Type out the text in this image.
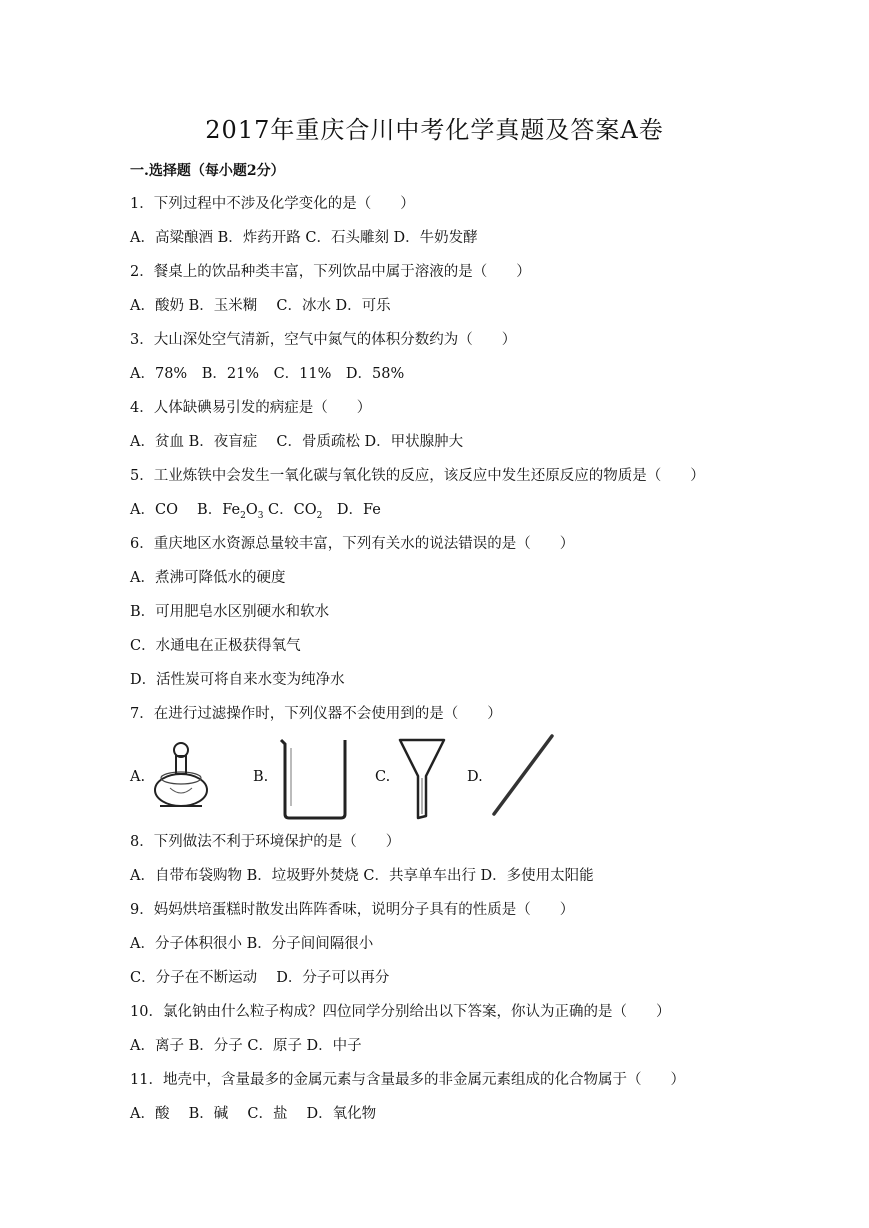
2017年重庆合川中考化学真题及答案A卷
一.选择题（每小题2分）
1．下列过程中不涉及化学变化的是（　　）
A．高粱酿酒 B．炸药开路 C．石头雕刻 D．牛奶发酵
2．餐桌上的饮品种类丰富，下列饮品中属于溶液的是（　　）
A．酸奶 B．玉米糊　 C．冰水 D．可乐
3．大山深处空气清新，空气中氮气的体积分数约为（　　）
A．78%　B．21%　C．11%　D．58%
4．人体缺碘易引发的病症是（　　）
A．贫血 B．夜盲症　 C．骨质疏松 D．甲状腺肿大
5．工业炼铁中会发生一氧化碳与氧化铁的反应，该反应中发生还原反应的物质是（　　）
A．CO　 B．$Fe_2O_3$ C．$CO_2$　D．Fe
6．重庆地区水资源总量较丰富，下列有关水的说法错误的是（　　）
A．煮沸可降低水的硬度
B．可用肥皂水区别硬水和软水
C．水通电在正极获得氧气
D．活性炭可将自来水变为纯净水
7．在进行过滤操作时，下列仪器不会使用到的是（　　）
A.	B.	C.	D.
8．下列做法不利于环境保护的是（　　）
A．自带布袋购物 B．垃圾野外焚烧 C．共享单车出行 D．多使用太阳能
9．妈妈烘培蛋糕时散发出阵阵香味，说明分子具有的性质是（　　）
A．分子体积很小 B．分子间间隔很小
C．分子在不断运动　 D．分子可以再分
10．氯化钠由什么粒子构成？四位同学分别给出以下答案，你认为正确的是（　　）
A．离子 B．分子 C．原子 D．中子
11．地壳中，含量最多的金属元素与含量最多的非金属元素组成的化合物属于（　　）
A．酸　 B．碱　 C．盐　 D．氧化物
